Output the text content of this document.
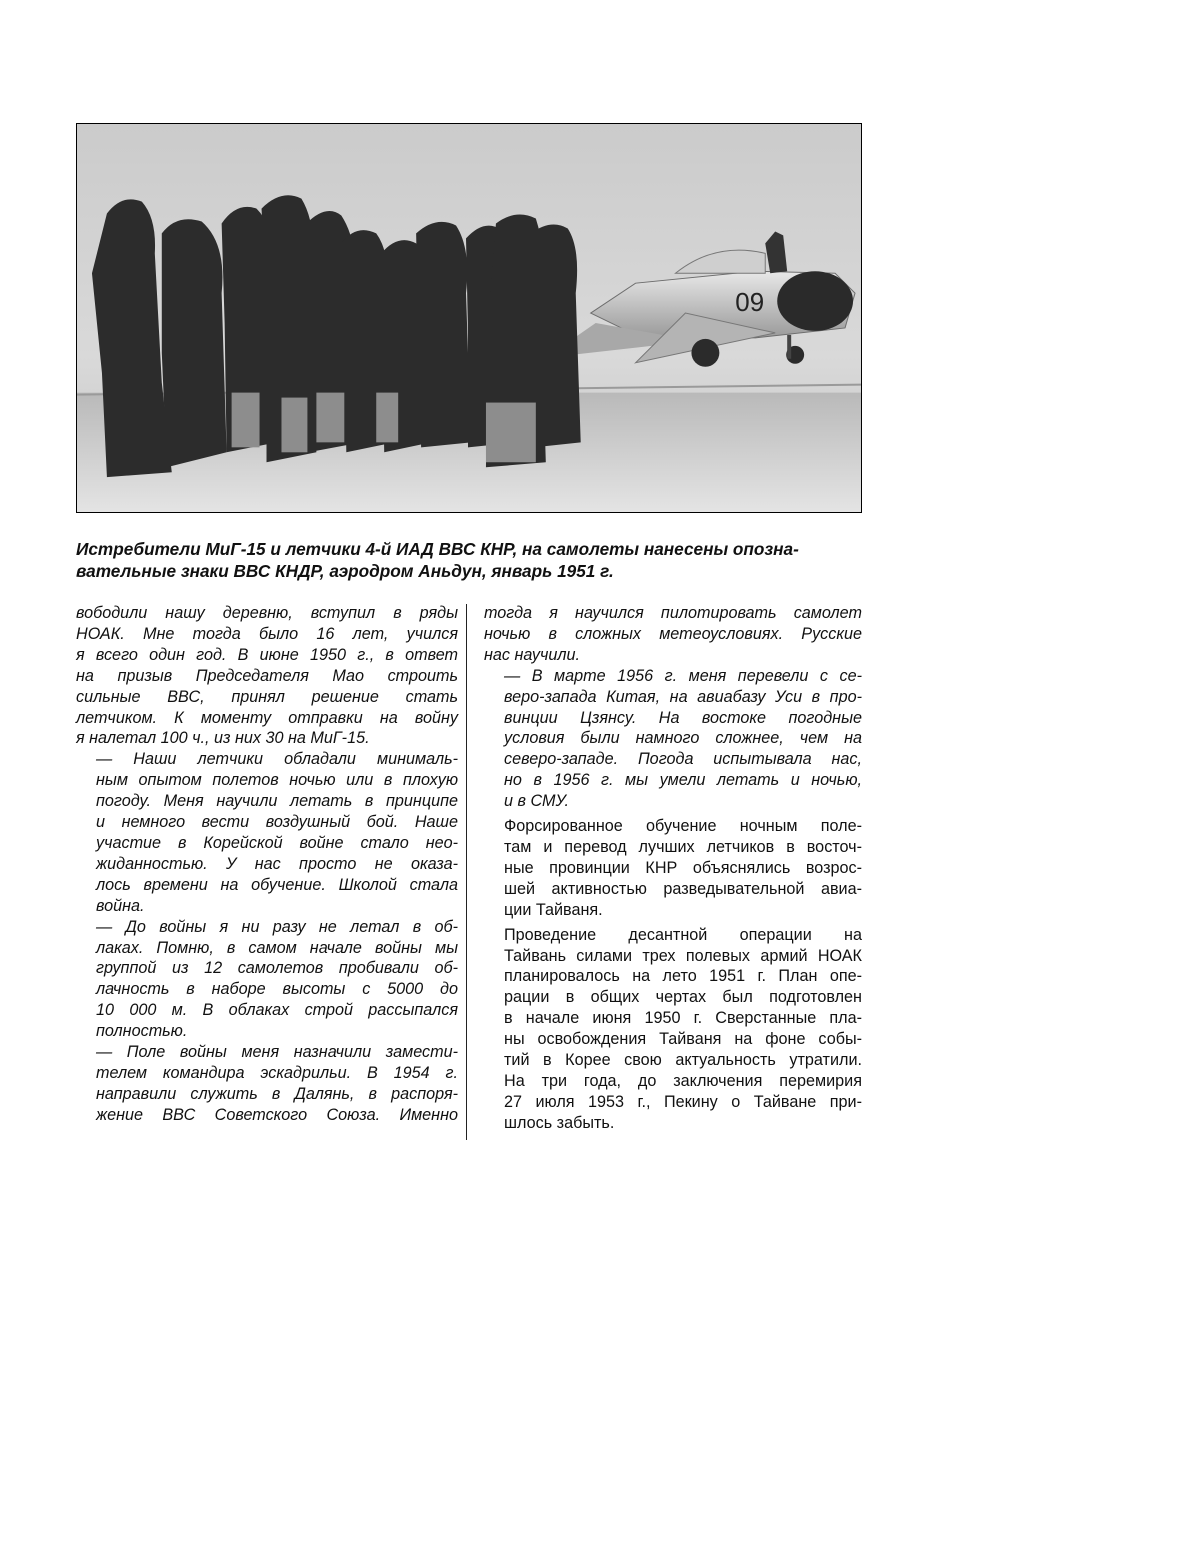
09

Истребители МиГ-15 и летчики 4-й ИАД ВВС КНР, на самолеты нанесены опозна-
вательные знаки ВВС КНДР, аэродром Аньдун, январь 1951 г.

вободили нашу деревню, вступил в ряды
НОАК. Мне тогда было 16 лет, учился
я всего один год. В июне 1950 г., в ответ
на призыв Председателя Мао строить
сильные ВВС, принял решение стать
летчиком. К моменту отправки на войну
я налетал 100 ч., из них 30 на МиГ-15.

— Наши летчики обладали минималь-
ным опытом полетов ночью или в плохую
погоду. Меня научили летать в принципе
и немного вести воздушный бой. Наше
участие в Корейской войне стало нео-
жиданностью. У нас просто не оказа-
лось времени на обучение. Школой стала
война.

— До войны я ни разу не летал в об-
лаках. Помню, в самом начале войны мы
группой из 12 самолетов пробивали об-
лачность в наборе высоты с 5000 до
10 000 м. В облаках строй рассыпался
полностью.

— Поле войны меня назначили замести-
телем командира эскадрильи. В 1954 г.
направили служить в Далянь, в распоря-
жение ВВС Советского Союза. Именно

тогда я научился пилотировать самолет
ночью в сложных метеоусловиях. Русские
нас научили.

— В марте 1956 г. меня перевели с се-
веро-запада Китая, на авиабазу Уси в про-
винции Цзянсу. На востоке погодные
условия были намного сложнее, чем на
северо-западе. Погода испытывала нас,
но в 1956 г. мы умели летать и ночью,
и в СМУ.

Форсированное обучение ночным поле-
там и перевод лучших летчиков в восточ-
ные провинции КНР объяснялись возрос-
шей активностью разведывательной авиа-
ции Тайваня.

Проведение десантной операции на
Тайвань силами трех полевых армий НОАК
планировалось на лето 1951 г. План опе-
рации в общих чертах был подготовлен
в начале июня 1950 г. Сверстанные пла-
ны освобождения Тайваня на фоне собы-
тий в Корее свою актуальность утратили.
На три года, до заключения перемирия
27 июля 1953 г., Пекину о Тайване при-
шлось забыть.
